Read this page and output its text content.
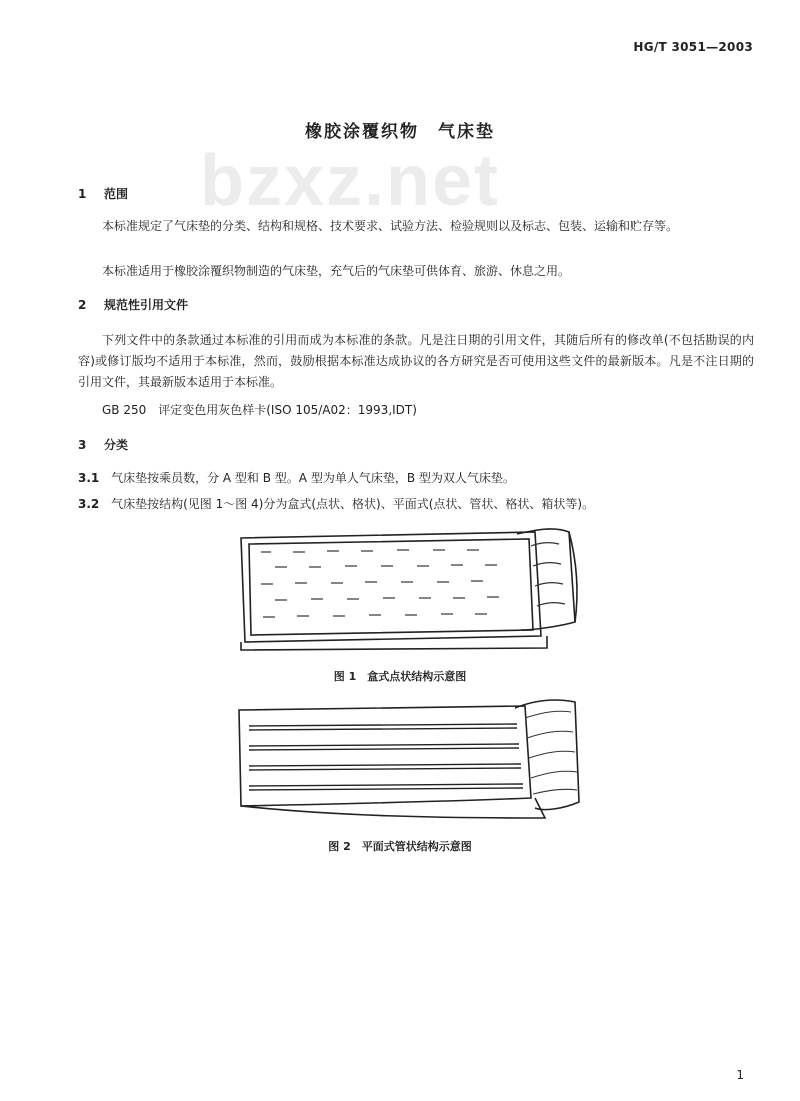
HG/T 3051—2003
bzxz.net
橡胶涂覆织物　气床垫
1 范围
本标准规定了气床垫的分类、结构和规格、技术要求、试验方法、检验规则以及标志、包装、运输和贮存等。
本标准适用于橡胶涂覆织物制造的气床垫，充气后的气床垫可供体育、旅游、休息之用。
2 规范性引用文件
下列文件中的条款通过本标准的引用而成为本标准的条款。凡是注日期的引用文件，其随后所有的修改单(不包括勘误的内容)或修订版均不适用于本标准，然而，鼓励根据本标准达成协议的各方研究是否可使用这些文件的最新版本。凡是不注日期的引用文件，其最新版本适用于本标准。
GB 250　评定变色用灰色样卡(ISO 105/A02：1993,IDT)
3 分类
3.1 气床垫按乘员数，分 A 型和 B 型。A 型为单人气床垫，B 型为双人气床垫。
3.2 气床垫按结构(见图 1～图 4)分为盒式(点状、格状)、平面式(点状、管状、格状、箱状等)。
图 1　盒式点状结构示意图
图 2　平面式管状结构示意图
1
